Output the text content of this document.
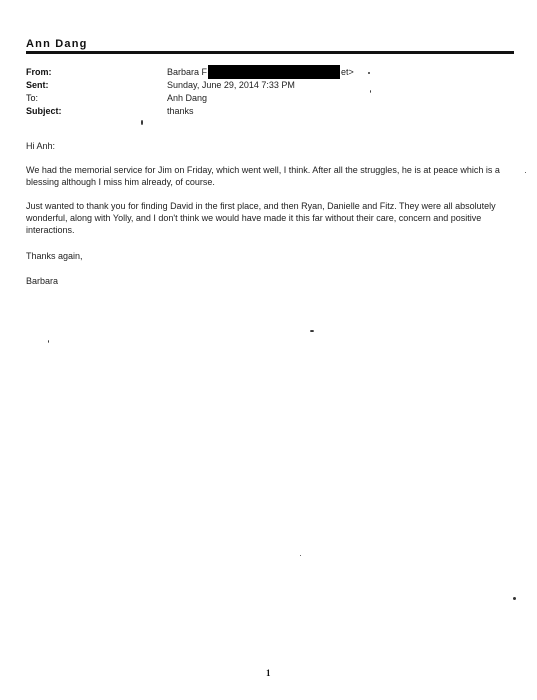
Ann Dang
From:	Barbara F	et>
Sent:	Sunday, June 29, 2014 7:33 PM
To:	Anh Dang
Subject:	thanks
Hi Anh:
We had the memorial service for Jim on Friday, which went well, I think. After all the struggles, he is at peace which is a
blessing although I miss him already, of course.
Just wanted to thank you for finding David in the first place, and then Ryan, Danielle and Fitz. They were all absolutely
wonderful, along with Yolly, and I don't think we would have made it this far without their care, concern and positive
interactions.
Thanks again,
Barbara
1
